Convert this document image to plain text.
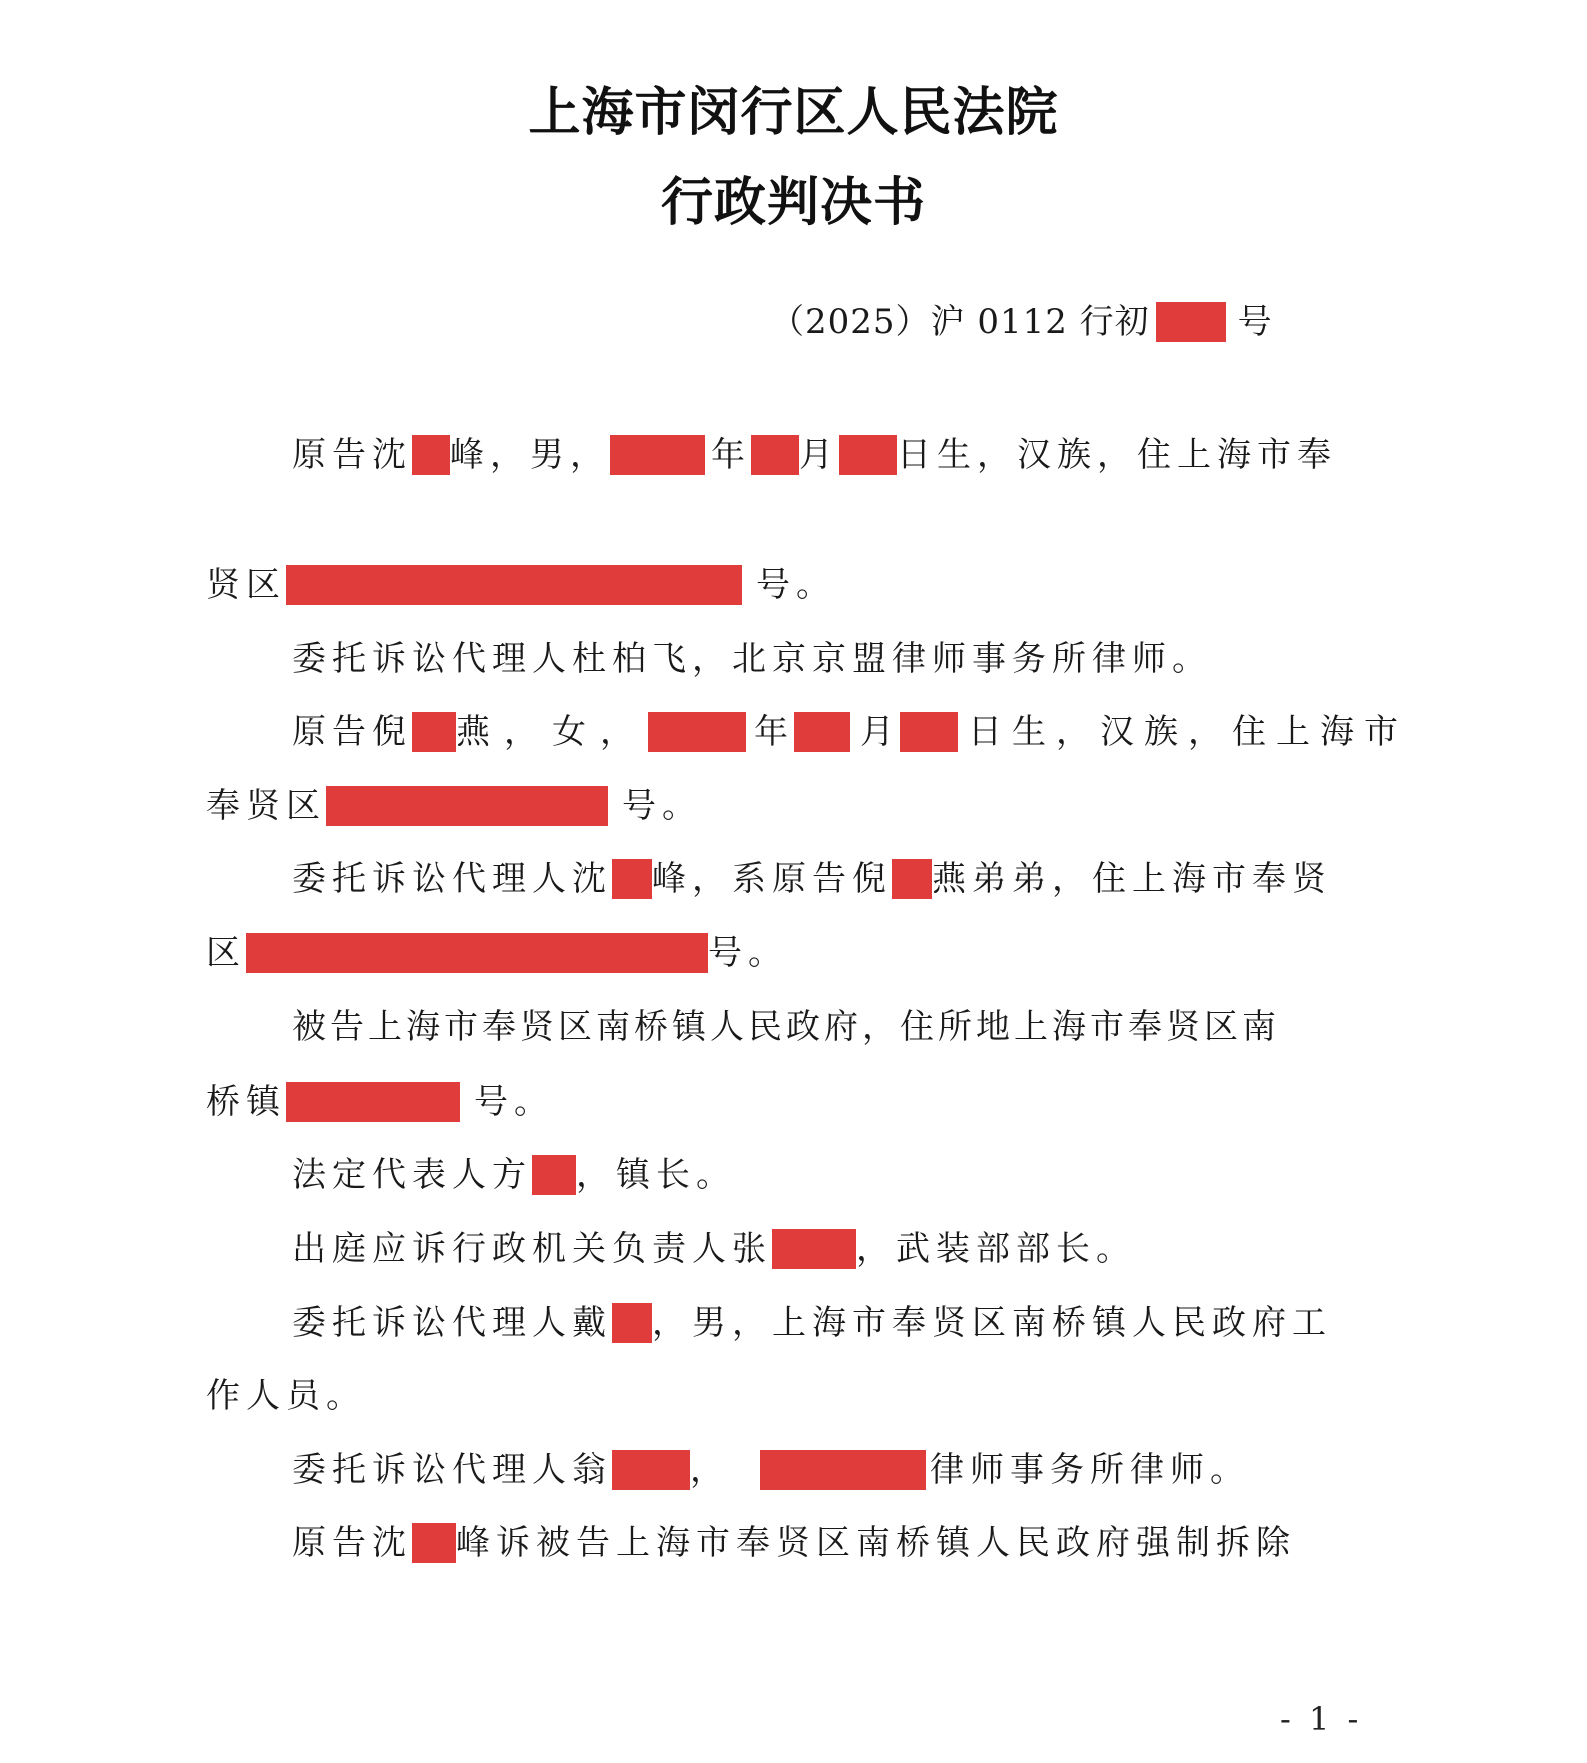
上海市闵行区人民法院
行政判决书
（2025）沪 0112 行初	号
原告沈 峰，男，	年 月 日生，汉族，住上海市奉
贤区	号。
委托诉讼代理人杜柏飞，北京京盟律师事务所律师。
原告倪 燕，女，	年 月 日生，汉族，住上海市
奉贤区	号。
委托诉讼代理人沈 峰，系原告倪 燕弟弟，住上海市奉贤
区	号。
被告上海市奉贤区南桥镇人民政府，住所地上海市奉贤区南
桥镇	号。
法定代表人方 ，镇长。
出庭应诉行政机关负责人张 ，武装部部长。
委托诉讼代理人戴 ，男，上海市奉贤区南桥镇人民政府工
作人员。
委托诉讼代理人翁 ，	律师事务所律师。
原告沈 峰诉被告上海市奉贤区南桥镇人民政府强制拆除
- 1 -
